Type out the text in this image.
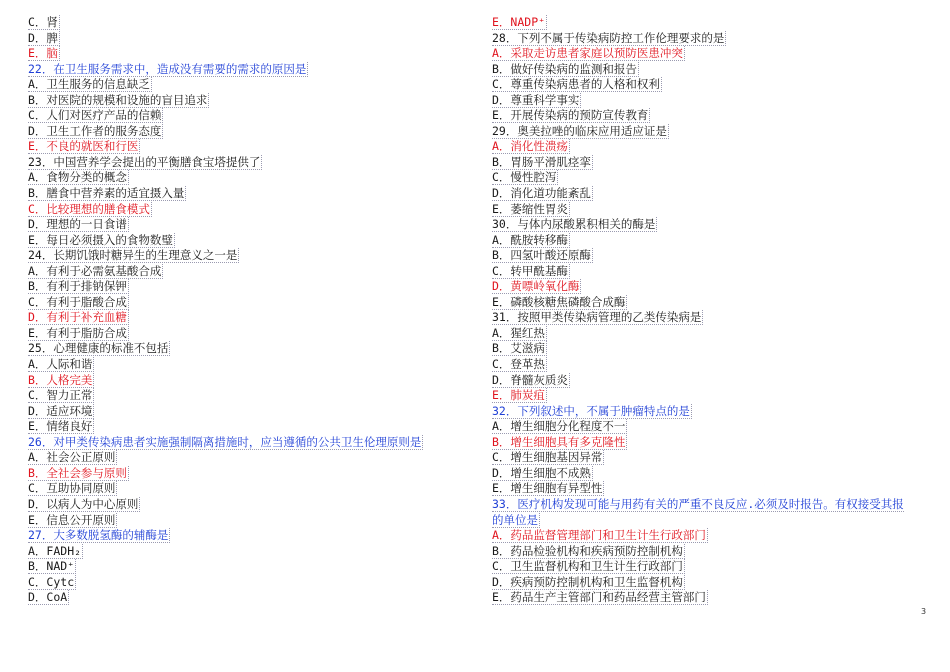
C．肾
D．脾
E．脑
22．在卫生服务需求中，造成没有需要的需求的原因是
A．卫生服务的信息缺乏
B．对医院的规模和设施的盲目追求
C．人们对医疗产品的信赖
D．卫生工作者的服务态度
E．不良的就医和行医
23．中国营养学会提出的平衡膳食宝塔提供了
A．食物分类的概念
B．膳食中营养素的适宜摄入量
C．比较理想的膳食模式
D．理想的一日食谱
E．每日必须摄入的食物数璧
24．长期饥饿时糖异生的生理意义之一是
A．有利于必需氨基酸合成
B．有利于排钠保钾
C．有利于脂酸合成
D．有利于补充血糖
E．有利于脂肪合成
25．心理健康的标准不包括
A．人际和谐
B．人格完美
C．智力正常
D．适应环境
E．情绪良好
26．对甲类传染病患者实施强制隔离措施时，应当遵循的公共卫生伦理原则是
A．社会公正原则
B．全社会参与原则
C．互助协同原则
D．以病人为中心原则
E．信息公开原则
27．大多数脱氢酶的辅酶是
A．FADH₂
B．NAD⁺
C．Cytc
D．CoA
E．NADP⁺
28．下列不属于传染病防控工作伦理要求的是
A．采取走访患者家庭以预防医患冲突
B．做好传染病的监测和报告
C．尊重传染病患者的人格和权利
D．尊重科学事实
E．开展传染病的预防宣传教育
29．奥美拉唑的临床应用适应证是
A．消化性溃疡
B．胃肠平滑肌痉挛
C．慢性腔泻
D．消化道功能紊乱
E．萎缩性胃炎
30．与体内尿酸累积相关的酶是
A．酰胺转移酶
B．四氢叶酸还原酶
C．转甲酰基酶
D．黄嘌岭氧化酶
E．磷酸核糖焦磷酸合成酶
31．按照甲类传染病管理的乙类传染病是
A．猩红热
B．艾滋病
C．登革热
D．脊髓灰质炎
E．肺炭疽
32．下列叙述中，不属于肿瘤特点的是
A．增生细胞分化程度不一
B．增生细胞具有多克隆性
C．增生细胞基因异常
D．增生细胞不成熟
E．增生细胞有异型性
33．医疗机构发现可能与用药有关的严重不良反应.必须及时报告。有权接受其报的单位是
A．药品监督管理部门和卫生计生行政部门
B．药品检验机构和疾病预防控制机构
C．卫生监督机构和卫生计生行政部门
D．疾病预防控制机构和卫生监督机构
E．药品生产主管部门和药品经营主管部门
3
